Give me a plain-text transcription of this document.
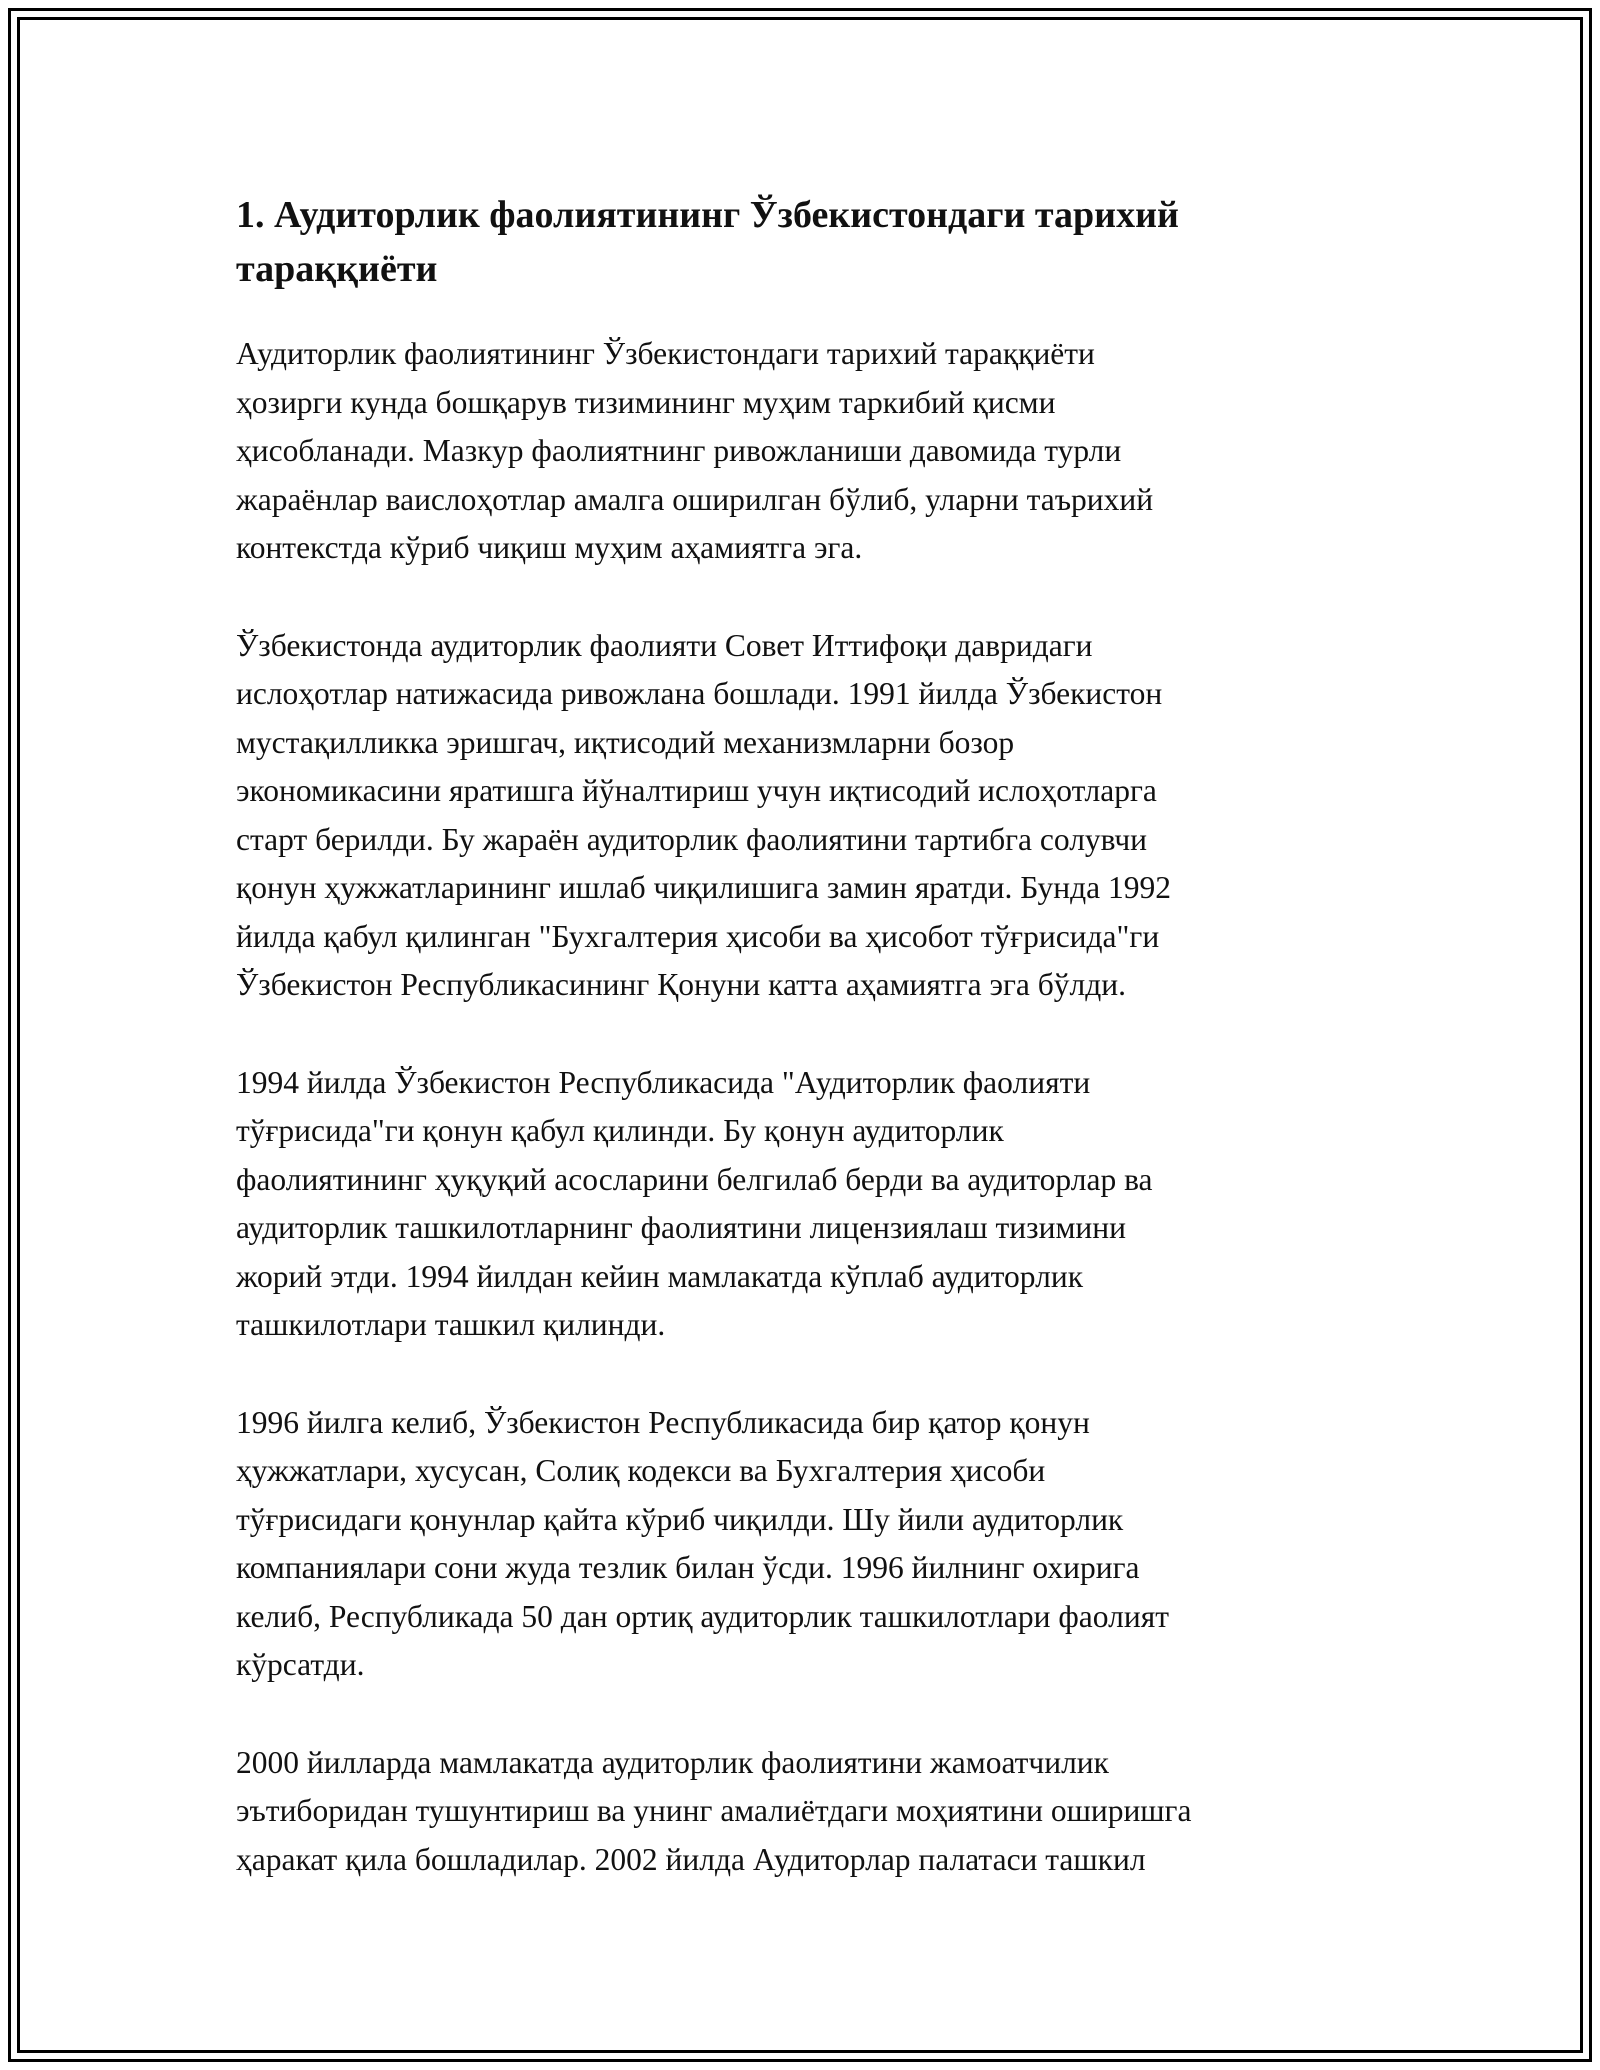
1. Аудиторлик фаолиятининг Ўзбекистондаги тарихий
тараққиёти

Аудиторлик фаолиятининг Ўзбекистондаги тарихий тараққиёти
ҳозирги кунда бошқарув тизимининг муҳим таркибий қисми
ҳисобланади. Мазкур фаолиятнинг ривожланиши давомида турли
жараёнлар ваислоҳотлар амалга оширилган бўлиб, уларни таърихий
контекстда кўриб чиқиш муҳим аҳамиятга эга.

Ўзбекистонда аудиторлик фаолияти Совет Иттифоқи давридаги
ислоҳотлар натижасида ривожлана бошлади. 1991 йилда Ўзбекистон
мустақилликка эришгач, иқтисодий механизмларни бозор
экономикасини яратишга йўналтириш учун иқтисодий ислоҳотларга
старт берилди. Бу жараён аудиторлик фаолиятини тартибга солувчи
қонун ҳужжатларининг ишлаб чиқилишига замин яратди. Бунда 1992
йилда қабул қилинган "Бухгалтерия ҳисоби ва ҳисобот тўғрисида"ги
Ўзбекистон Республикасининг Қонуни катта аҳамиятга эга бўлди.

1994 йилда Ўзбекистон Республикасида "Аудиторлик фаолияти
тўғрисида"ги қонун қабул қилинди. Бу қонун аудиторлик
фаолиятининг ҳуқуқий асосларини белгилаб берди ва аудиторлар ва
аудиторлик ташкилотларнинг фаолиятини лицензиялаш тизимини
жорий этди. 1994 йилдан кейин мамлакатда кўплаб аудиторлик
ташкилотлари ташкил қилинди.

1996 йилга келиб, Ўзбекистон Республикасида бир қатор қонун
ҳужжатлари, хусусан, Солиқ кодекси ва Бухгалтерия ҳисоби
тўғрисидаги қонунлар қайта кўриб чиқилди. Шу йили аудиторлик
компаниялари сони жуда тезлик билан ўсди. 1996 йилнинг охирига
келиб, Республикада 50 дан ортиқ аудиторлик ташкилотлари фаолият
кўрсатди.

2000 йилларда мамлакатда аудиторлик фаолиятини жамоатчилик
эътиборидан тушунтириш ва унинг амалиётдаги моҳиятини оширишга
ҳаракат қила бошладилар. 2002 йилда Аудиторлар палатаси ташкил
